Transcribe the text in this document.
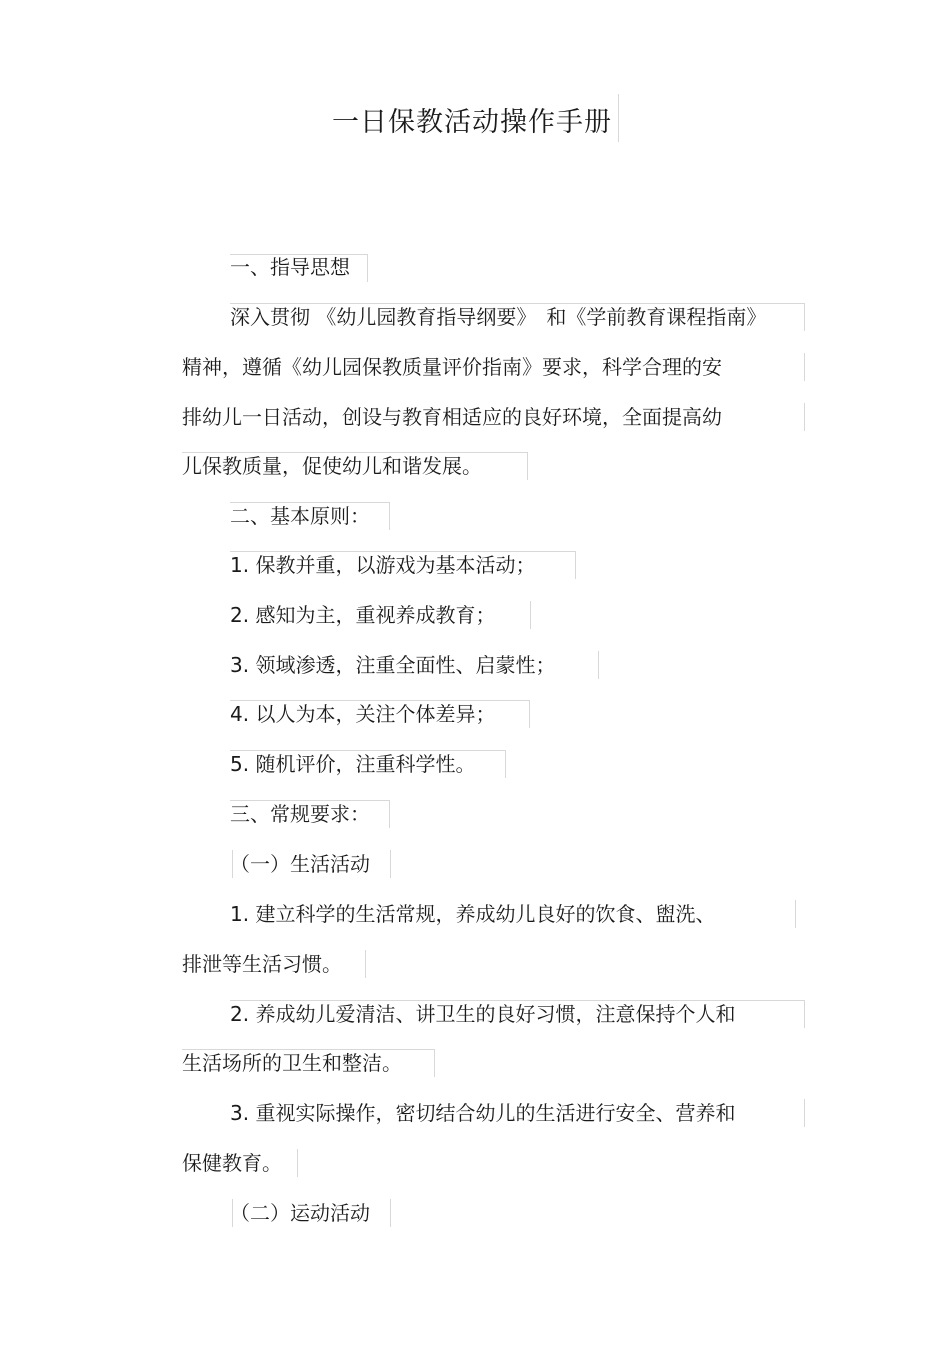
一日保教活动操作手册
一、指导思想
深入贯彻 《幼儿园教育指导纲要》　和《学前教育课程指南》
精神，遵循《幼儿园保教质量评价指南》要求，科学合理的安
排幼儿一日活动，创设与教育相适应的良好环境，全面提高幼
儿保教质量，促使幼儿和谐发展。
二、基本原则：
1. 保教并重，以游戏为基本活动；
2. 感知为主，重视养成教育；
3. 领域渗透，注重全面性、启蒙性；
4. 以人为本，关注个体差异；
5. 随机评价，注重科学性。
三、常规要求：
（一）生活活动
1. 建立科学的生活常规，养成幼儿良好的饮食、盥洗、
排泄等生活习惯。
2. 养成幼儿爱清洁、讲卫生的良好习惯，注意保持个人和
生活场所的卫生和整洁。
3. 重视实际操作，密切结合幼儿的生活进行安全、营养和
保健教育。
（二）运动活动
